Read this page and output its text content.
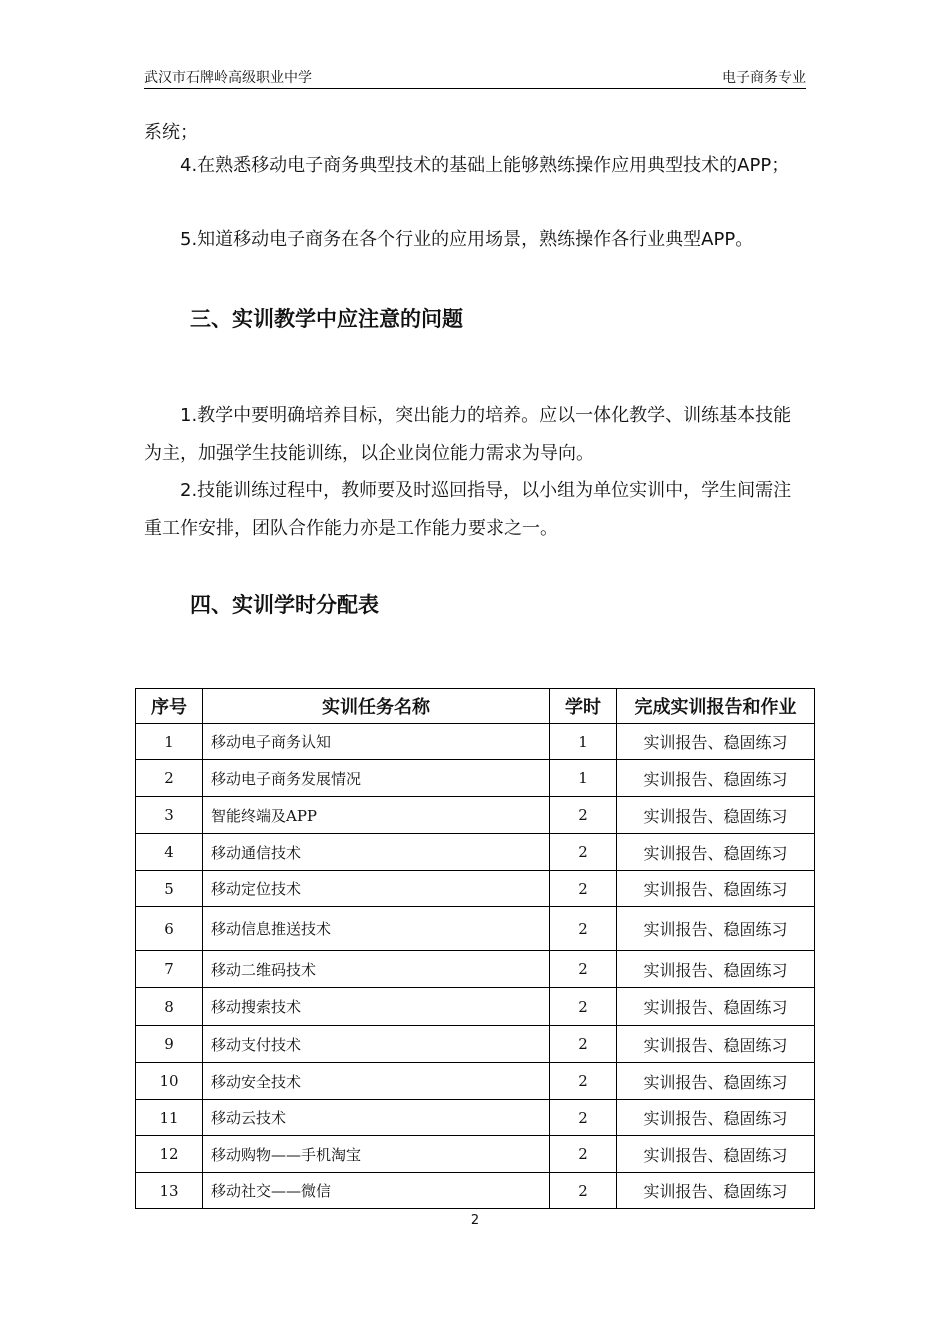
武汉市石牌岭高级职业中学	电子商务专业
系统；
4.在熟悉移动电子商务典型技术的基础上能够熟练操作应用典型技术的APP；
5.知道移动电子商务在各个行业的应用场景，熟练操作各行业典型APP。
三、实训教学中应注意的问题
1.教学中要明确培养目标，突出能力的培养。应以一体化教学、训练基本技能为主，加强学生技能训练，以企业岗位能力需求为导向。
2.技能训练过程中，教师要及时巡回指导，以小组为单位实训中，学生间需注重工作安排，团队合作能力亦是工作能力要求之一。
四、实训学时分配表
序号	实训任务名称	学时	完成实训报告和作业
1	移动电子商务认知	1	实训报告、稳固练习
2	移动电子商务发展情况	1	实训报告、稳固练习
3	智能终端及APP	2	实训报告、稳固练习
4	移动通信技术	2	实训报告、稳固练习
5	移动定位技术	2	实训报告、稳固练习
6	移动信息推送技术	2	实训报告、稳固练习
7	移动二维码技术	2	实训报告、稳固练习
8	移动搜索技术	2	实训报告、稳固练习
9	移动支付技术	2	实训报告、稳固练习
10	移动安全技术	2	实训报告、稳固练习
11	移动云技术	2	实训报告、稳固练习
12	移动购物——手机淘宝	2	实训报告、稳固练习
13	移动社交——微信	2	实训报告、稳固练习
2
